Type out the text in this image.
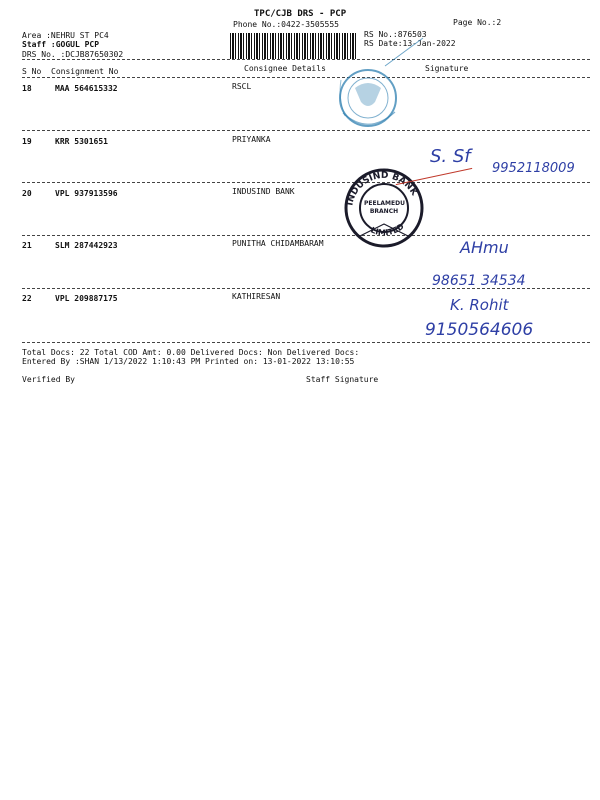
TPC/CJB DRS - PCP
Phone No.:0422-3505555	Page No.:2
Area :NEHRU ST PC4
Staff :GOGUL PCP
DRS No. :DCJB87650302
RS No.:876503
RS Date:13-Jan-2022
S No Consignment No	Consignee Details	Signature
18	MAA 564615332	RSCL
19	KRR 5301651	PRIYANKA
20	VPL 937913596	INDUSIND BANK
21	SLM 287442923	PUNITHA CHIDAMBARAM
22	VPL 209887175	KATHIRESAN
Total Docs: 22 Total COD Amt: 0.00 Delivered Docs: Non Delivered Docs:
Entered By :SHAN 1/13/2022 1:10:43 PM Printed on: 13-01-2022 13:10:55
Verified By	Staff Signature
INDUSIND BANK
LIMITED
PEELAMEDU
BRANCH
S. Sf
9952118009
AHmu
98651 34534
K. Rohit
9150564606
